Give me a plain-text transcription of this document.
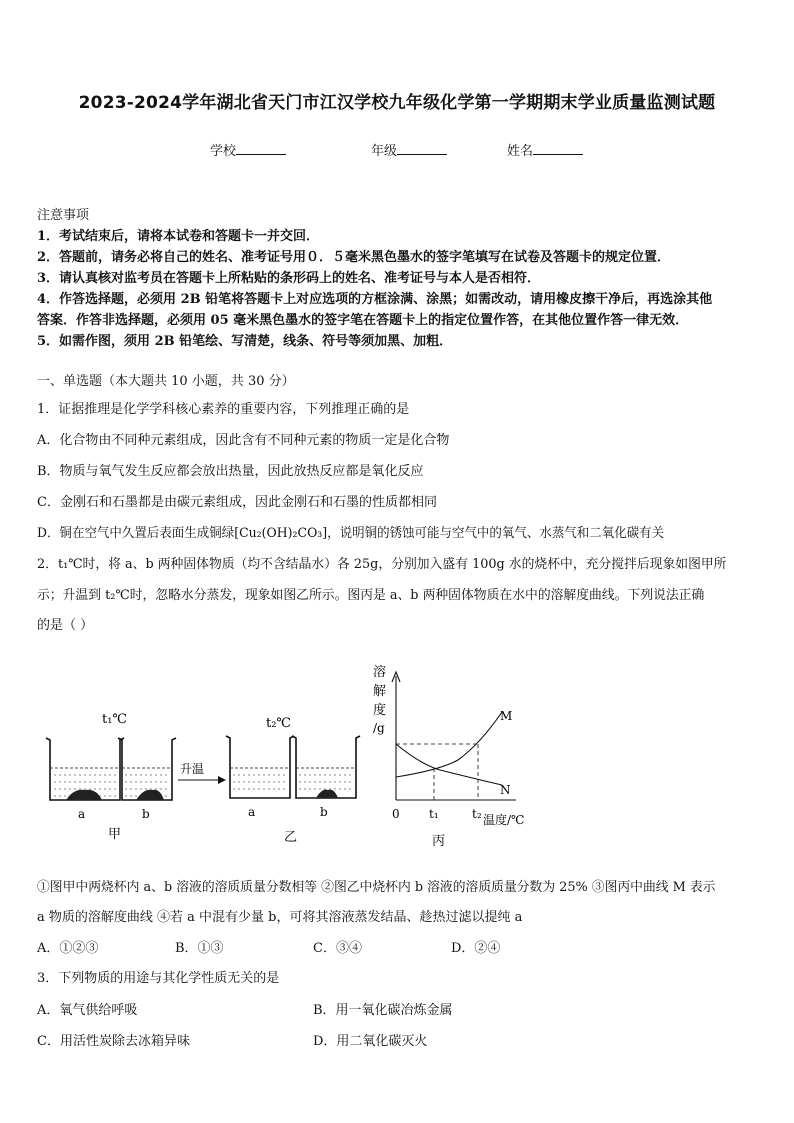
2023-2024学年湖北省天门市江汉学校九年级化学第一学期期末学业质量监测试题
学校	年级	姓名
注意事项
1．考试结束后，请将本试卷和答题卡一并交回．
2．答题前，请务必将自己的姓名、准考证号用０．５毫米黑色墨水的签字笔填写在试卷及答题卡的规定位置．
3．请认真核对监考员在答题卡上所粘贴的条形码上的姓名、准考证号与本人是否相符．
4．作答选择题，必须用 2B 铅笔将答题卡上对应选项的方框涂满、涂黑；如需改动，请用橡皮擦干净后，再选涂其他
答案．作答非选择题，必须用 05 毫米黑色墨水的签字笔在答题卡上的指定位置作答，在其他位置作答一律无效．
5．如需作图，须用 2B 铅笔绘、写清楚，线条、符号等须加黑、加粗．
一、单选题（本大题共 10 小题，共 30 分）
1．证据推理是化学学科核心素养的重要内容，下列推理正确的是
A．化合物由不同种元素组成，因此含有不同种元素的物质一定是化合物
B．物质与氧气发生反应都会放出热量，因此放热反应都是氧化反应
C．金刚石和石墨都是由碳元素组成，因此金刚石和石墨的性质都相同
D．铜在空气中久置后表面生成铜绿[Cu₂(OH)₂CO₃]，说明铜的锈蚀可能与空气中的氧气、水蒸气和二氧化碳有关
2．t₁℃时，将 a、b 两种固体物质（均不含结晶水）各 25g，分别加入盛有 100g 水的烧杯中，充分搅拌后现象如图甲所
示；升温到 t₂℃时，忽略水分蒸发，现象如图乙所示。图丙是 a、b 两种固体物质在水中的溶解度曲线。下列说法正确
的是（ ）
t₁℃
a	b
甲
升温
t₂℃
a	b
乙
溶
解
度
/g
M
N
0 t₁	t₂ 温度/℃
丙
①图甲中两烧杯内 a、b 溶液的溶质质量分数相等 ②图乙中烧杯内 b 溶液的溶质质量分数为 25% ③图丙中曲线 M 表示
a 物质的溶解度曲线 ④若 a 中混有少量 b，可将其溶液蒸发结晶、趁热过滤以提纯 a
A．①②③	B．①③	C．③④	D．②④
3．下列物质的用途与其化学性质无关的是
A．氧气供给呼吸	B．用一氧化碳冶炼金属
C．用活性炭除去冰箱异味	D．用二氧化碳灭火
